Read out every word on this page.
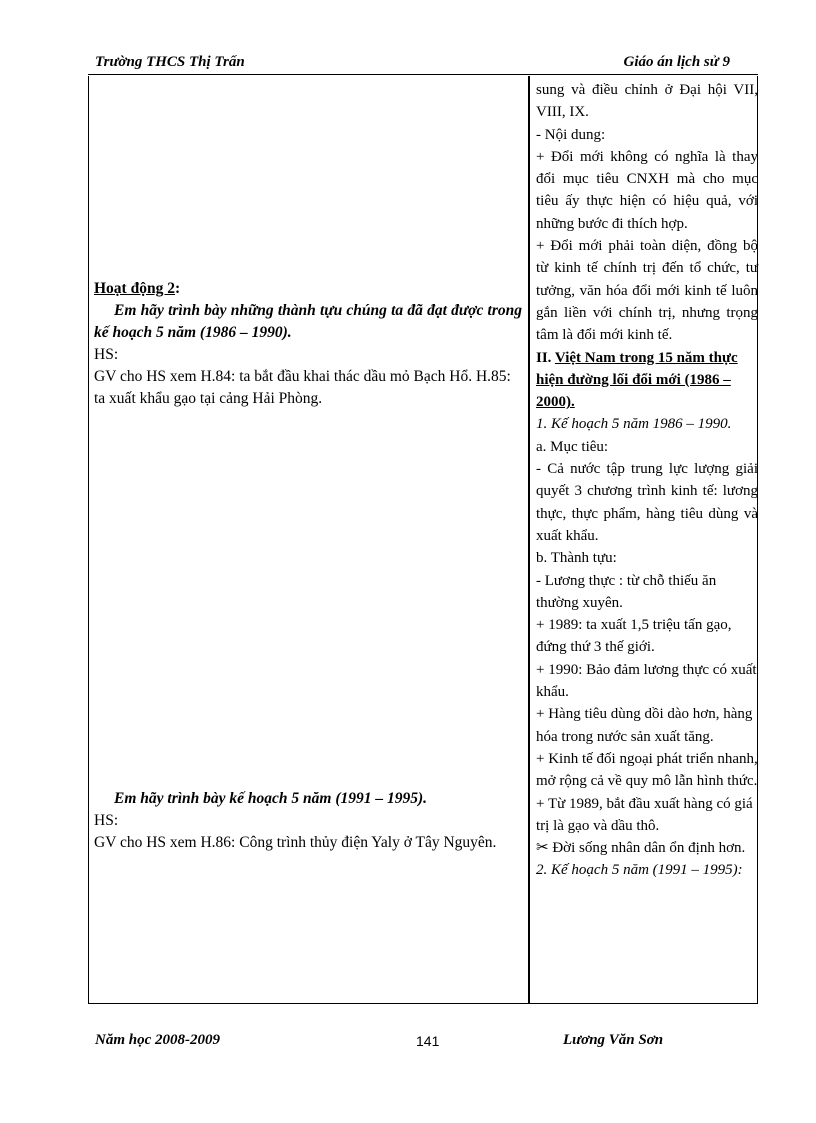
Trường THCS Thị Trấn	Giáo án lịch sử 9

Hoạt động 2:

Em hãy trình bày những thành tựu chúng ta đã đạt được trong kế hoạch 5 năm (1986 – 1990).

HS:

GV cho HS xem H.84: ta bắt đầu khai thác dầu mỏ Bạch Hổ. H.85: ta xuất khẩu gạo tại cảng Hải Phòng.

Em hãy trình bày kế hoạch 5 năm (1991 – 1995).

HS:

GV cho HS xem H.86: Công trình thủy điện Yaly ở Tây Nguyên.

sung và điều chỉnh ở Đại hội VII, VIII, IX.

- Nội dung:

+ Đổi mới không có nghĩa là thay đổi mục tiêu CNXH mà cho mục tiêu ấy thực hiện có hiệu quả, với những bước đi thích hợp.

+ Đổi mới phải toàn diện, đồng bộ từ kinh tế chính trị đến tổ chức, tư tưởng, văn hóa đổi mới kinh tế luôn gắn liền với chính trị, nhưng trọng tâm là đổi mới kinh tế.

II. Việt Nam trong 15 năm thực hiện đường lối đổi mới (1986 – 2000).

1. Kế hoạch 5 năm 1986 – 1990.

a. Mục tiêu:

- Cả nước tập trung lực lượng giải quyết 3 chương trình kinh tế: lương thực, thực phẩm, hàng tiêu dùng và xuất khẩu.

b. Thành tựu:

- Lương thực : từ chỗ thiếu ăn thường xuyên.

+ 1989: ta xuất 1,5 triệu tấn gạo, đứng thứ 3 thế giới.

+ 1990: Bảo đảm lương thực có xuất khẩu.

+ Hàng tiêu dùng dồi dào hơn, hàng hóa trong nước sản xuất tăng.

+ Kinh tế đối ngoại phát triển nhanh, mở rộng cả về quy mô lẫn hình thức.

+ Từ 1989, bắt đầu xuất hàng có giá trị là gạo và dầu thô.

✂ Đời sống nhân dân ổn định hơn.

2. Kế hoạch 5 năm (1991 – 1995):

Năm học 2008-2009	141	Lương Văn Sơn
